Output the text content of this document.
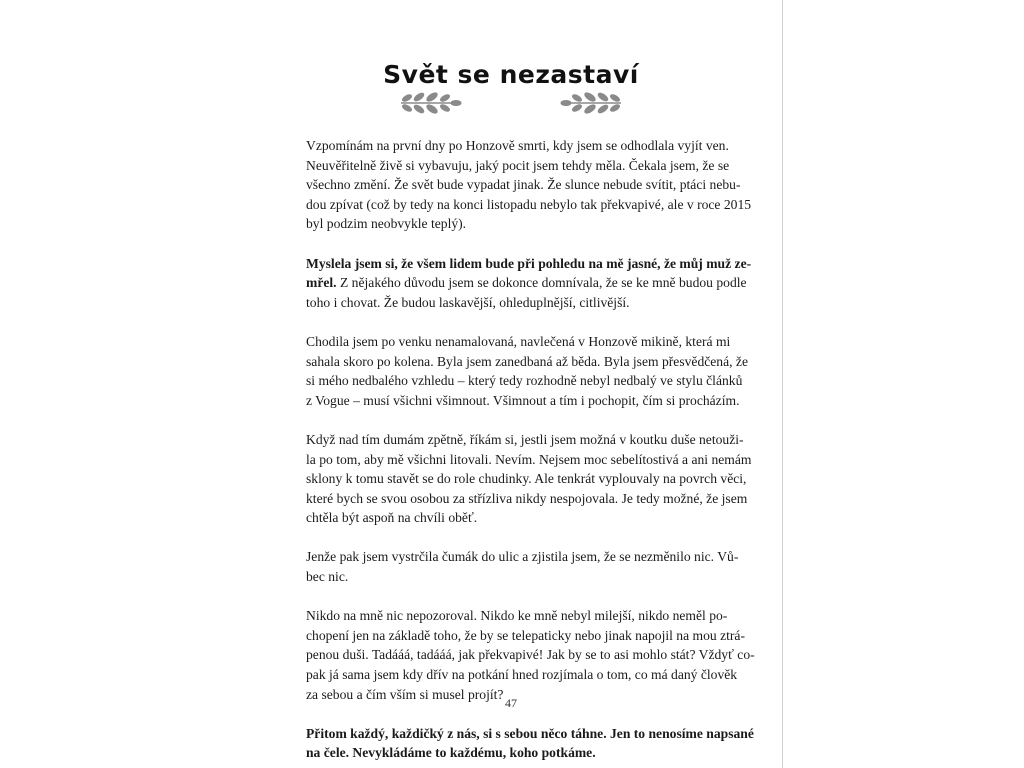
Svět se nezastaví

Vzpomínám na první dny po Honzově smrti, kdy jsem se odhodlala vyjít ven.
Neuvěřitelně živě si vybavuju, jaký pocit jsem tehdy měla. Čekala jsem, že se
všechno změní. Že svět bude vypadat jinak. Že slunce nebude svítit, ptáci nebu-
dou zpívat (což by tedy na konci listopadu nebylo tak překvapivé, ale v roce 2015
byl podzim neobvykle teplý).

Myslela jsem si, že všem lidem bude při pohledu na mě jasné, že můj muž ze-
mřel. Z nějakého důvodu jsem se dokonce domnívala, že se ke mně budou podle
toho i chovat. Že budou laskavější, ohleduplnější, citlivější.

Chodila jsem po venku nenamalovaná, navlečená v Honzově mikině, která mi
sahala skoro po kolena. Byla jsem zanedbaná až běda. Byla jsem přesvědčená, že
si mého nedbalého vzhledu – který tedy rozhodně nebyl nedbalý ve stylu článků
z Vogue – musí všichni všimnout. Všimnout a tím i pochopit, čím si procházím.

Když nad tím dumám zpětně, říkám si, jestli jsem možná v koutku duše netouži-
la po tom, aby mě všichni litovali. Nevím. Nejsem moc sebelítostivá a ani nemám
sklony k tomu stavět se do role chudinky. Ale tenkrát vyplouvaly na povrch věci,
které bych se svou osobou za střízliva nikdy nespojovala. Je tedy možné, že jsem
chtěla být aspoň na chvíli oběť.

Jenže pak jsem vystrčila čumák do ulic a zjistila jsem, že se nezměnilo nic. Vů-
bec nic.

Nikdo na mně nic nepozoroval. Nikdo ke mně nebyl milejší, nikdo neměl po-
chopení jen na základě toho, že by se telepaticky nebo jinak napojil na mou ztrá-
penou duši. Tadááá, tadááá, jak překvapivé! Jak by se to asi mohlo stát? Vždyť co-
pak já sama jsem kdy dřív na potkání hned rozjímala o tom, co má daný člověk
za sebou a čím vším si musel projít?

Přitom každý, každičký z nás, si s sebou něco táhne. Jen to nenosíme napsané
na čele. Nevykládáme to každému, koho potkáme.

47
